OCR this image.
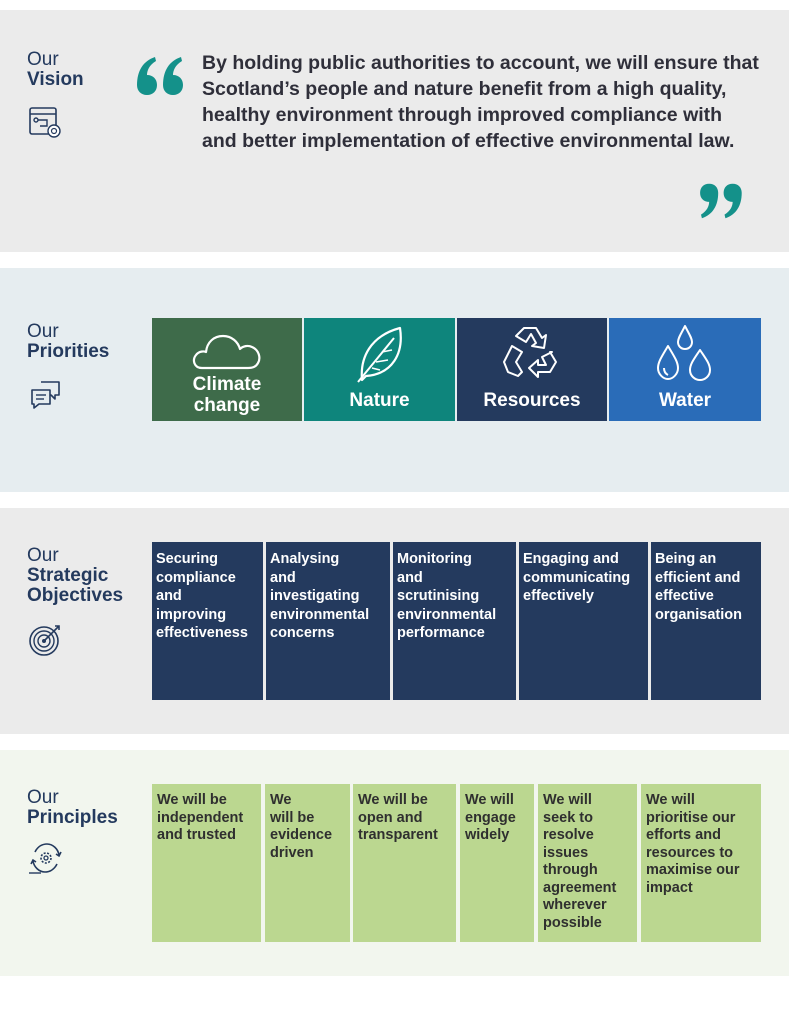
Our
Vision
By holding public authorities to account, we will ensure that Scotland’s people and nature benefit from a high quality, healthy environment through improved compliance with and better implementation of effective environmental law.
Our
Priorities
Climate
change	Nature	Resources	Water
Our
Strategic
Objectives
Securing
compliance
and
improving
effectiveness
Analysing
and
investigating
environmental
concerns
Monitoring
and
scrutinising
environmental
performance
Engaging and
communicating
effectively
Being an
efficient and
effective
organisation
Our
Principles
We will be
independent
and trusted
We
will be
evidence
driven
We will be
open and
transparent
We will
engage
widely
We will
seek to
resolve
issues
through
agreement
wherever
possible
We will
prioritise our
efforts and
resources to
maximise our
impact
